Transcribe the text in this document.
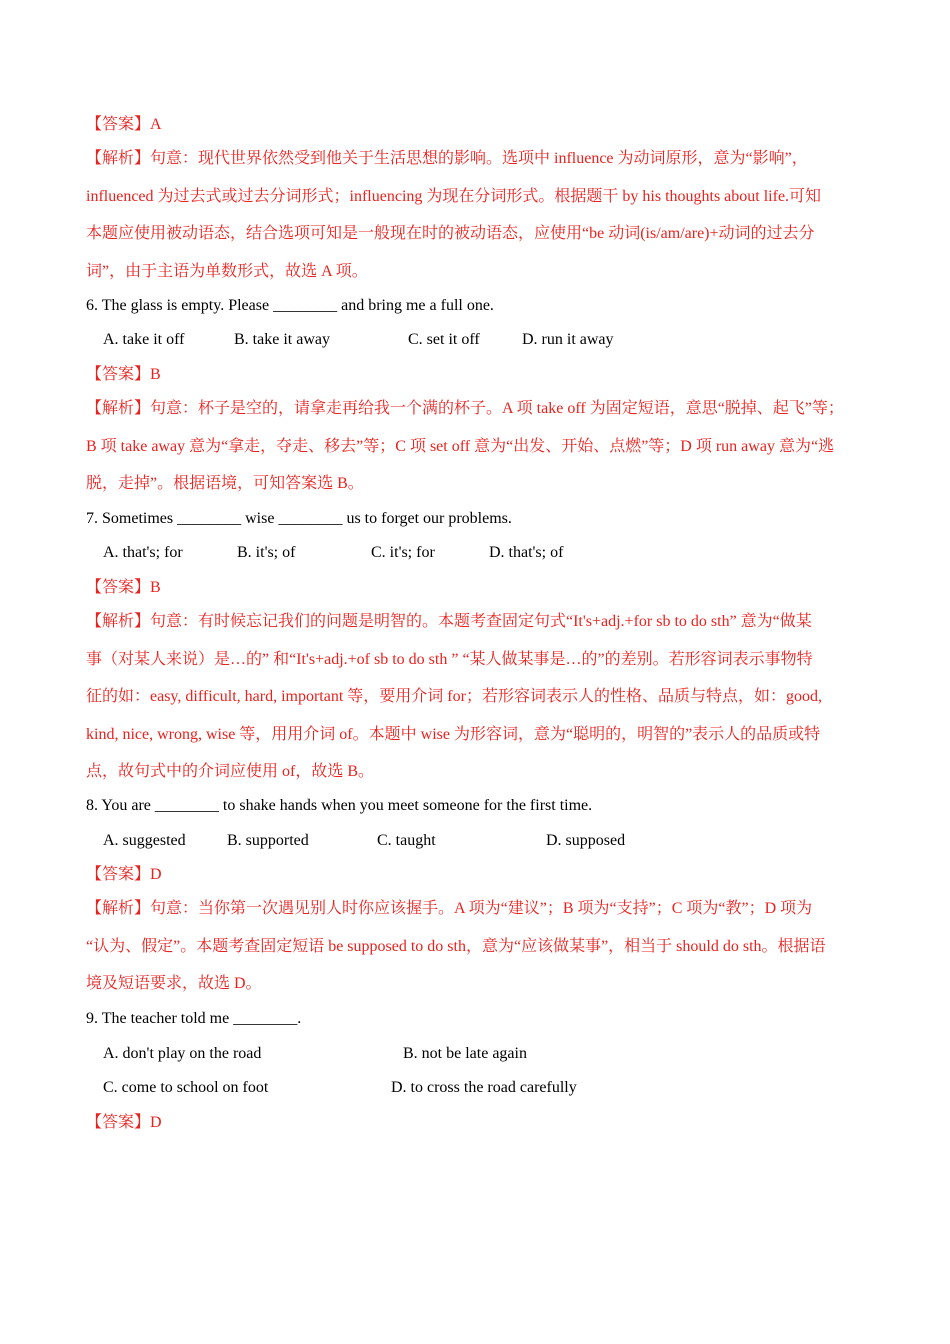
【答案】A

【解析】句意：现代世界依然受到他关于生活思想的影响。选项中 influence 为动词原形，意为“影响”，

influenced 为过去式或过去分词形式；influencing 为现在分词形式。根据题干 by his thoughts about life.可知

本题应使用被动语态，结合选项可知是一般现在时的被动语态，应使用“be 动词(is/am/are)+动词的过去分

词”，由于主语为单数形式，故选 A 项。

6. The glass is empty. Please ________ and bring me a full one.
A. take it off	B. take it away	C. set it off	D. run it away
【答案】B

【解析】句意：杯子是空的，请拿走再给我一个满的杯子。A 项 take off 为固定短语，意思“脱掉、起飞”等；

B 项 take away 意为“拿走，夺走、移去”等；C 项 set off 意为“出发、开始、点燃”等；D 项 run away 意为“逃

脱，走掉”。根据语境，可知答案选 B。

7. Sometimes ________ wise ________ us to forget our problems.
A. that's; for	B. it's; of	C. it's; for	D. that's; of
【答案】B

【解析】句意：有时候忘记我们的问题是明智的。本题考查固定句式“It's+adj.+for sb to do sth” 意为“做某

事（对某人来说）是…的” 和“It's+adj.+of sb to do sth ” “某人做某事是…的”的差别。若形容词表示事物特

征的如：easy, difficult, hard, important 等，要用介词 for；若形容词表示人的性格、品质与特点，如：good,

kind, nice, wrong, wise 等，用用介词 of。本题中 wise 为形容词，意为“聪明的，明智的”表示人的品质或特

点，故句式中的介词应使用 of，故选 B。

8. You are ________ to shake hands when you meet someone for the first time.
A. suggested	B. supported	C. taught	D. supposed
【答案】D

【解析】句意：当你第一次遇见别人时你应该握手。A 项为“建议”；B 项为“支持”；C 项为“教”；D 项为

“认为、假定”。本题考查固定短语 be supposed to do sth，意为“应该做某事”，相当于 should do sth。根据语

境及短语要求，故选 D。

9. The teacher told me ________.
A. don't play on the road	B. not be late again
C. come to school on foot	D. to cross the road carefully
【答案】D
